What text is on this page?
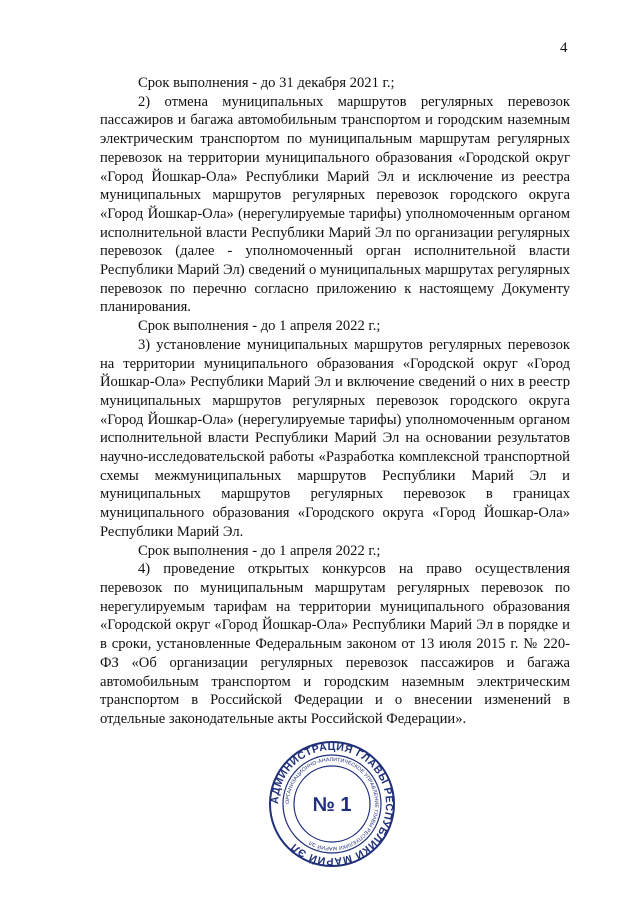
4

Срок выполнения - до 31 декабря 2021 г.;

2) отмена муниципальных маршрутов регулярных перевозок пассажиров и багажа автомобильным транспортом и городским наземным электрическим транспортом по муниципальным маршрутам регулярных перевозок на территории муниципального образования «Городской округ «Город Йошкар-Ола» Республики Марий Эл и исключение из реестра муниципальных маршрутов регулярных перевозок городского округа «Город Йошкар-Ола» (нерегулируемые тарифы) уполномоченным органом исполнительной власти Республики Марий Эл по организации регулярных перевозок (далее - уполномоченный орган исполнительной власти Республики Марий Эл) сведений о муниципальных маршрутах регулярных перевозок по перечню согласно приложению к настоящему Документу планирования.

Срок выполнения - до 1 апреля 2022 г.;

3) установление муниципальных маршрутов регулярных перевозок на территории муниципального образования «Городской округ «Город Йошкар-Ола» Республики Марий Эл и включение сведений о них в реестр муниципальных маршрутов регулярных перевозок городского округа «Город Йошкар-Ола» (нерегулируемые тарифы) уполномоченным органом исполнительной власти Республики Марий Эл на основании результатов научно-исследовательской работы «Разработка комплексной транспортной схемы межмуниципальных маршрутов Республики Марий Эл и муниципальных маршрутов регулярных перевозок в границах муниципального образования «Городского округа «Город Йошкар-Ола» Республики Марий Эл.

Срок выполнения - до 1 апреля 2022 г.;

4) проведение открытых конкурсов на право осуществления перевозок по муниципальным маршрутам регулярных перевозок по нерегулируемым тарифам на территории муниципального образования «Городской округ «Город Йошкар-Ола» Республики Марий Эл в порядке и в сроки, установленные Федеральным законом от 13 июля 2015 г. № 220-ФЗ «Об организации регулярных перевозок пассажиров и багажа автомобильным транспортом и городским наземным электрическим транспортом в Российской Федерации и о внесении изменений в отдельные законодательные акты Российской Федерации».

АДМИНИСТРАЦИЯ ГЛАВЫ РЕСПУБЛИКИ МАРИЙ ЭЛ
ОРГАНИЗАЦИОННО-АНАЛИТИЧЕСКОЕ УПРАВЛЕНИЕ ГЛАВЫ РЕСПУБЛИКИ МАРИЙ ЭЛ
№ 1
